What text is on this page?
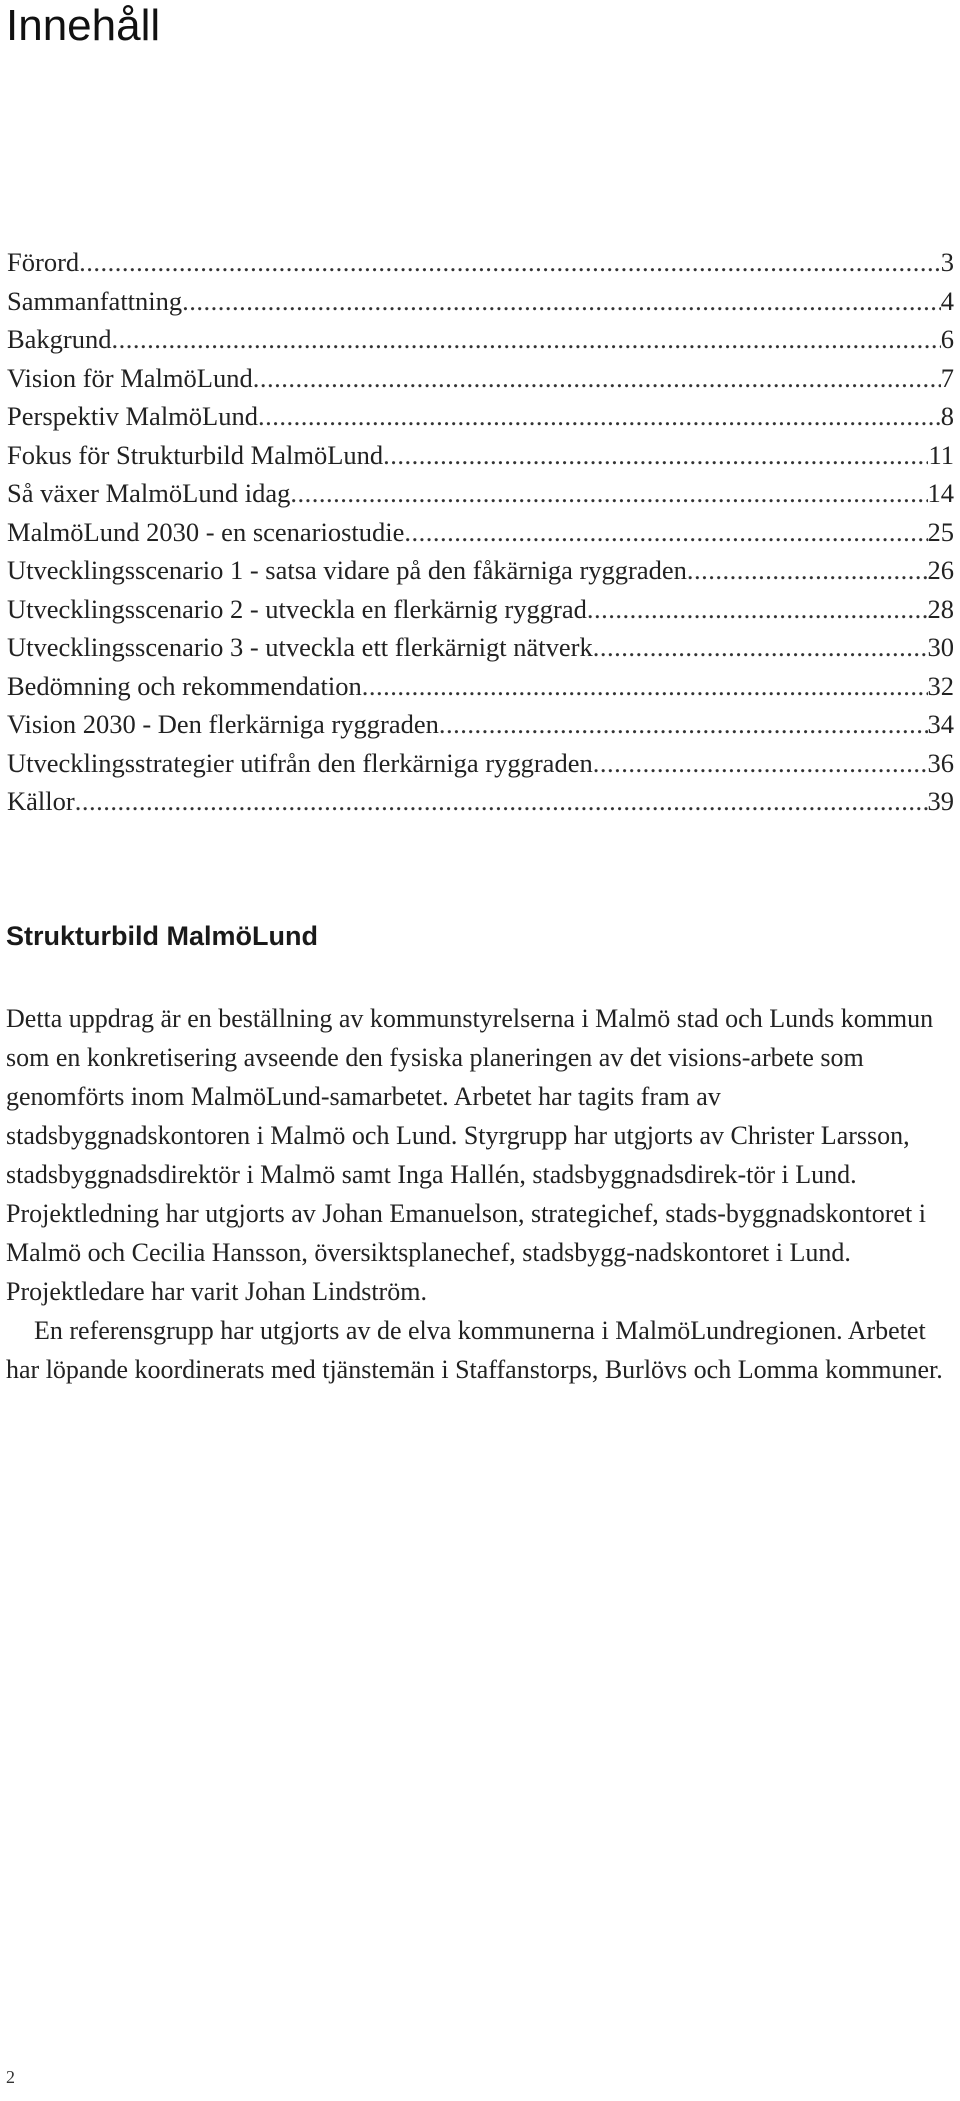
Innehåll
Förord .....	3
Sammanfattning .....	4
Bakgrund .....	6
Vision för MalmöLund .....	7
Perspektiv MalmöLund .....	8
Fokus för Strukturbild MalmöLund .....	11
Så växer MalmöLund idag .....	14
MalmöLund 2030 - en scenariostudie .....	25
Utvecklingsscenario 1 - satsa vidare på den fåkärniga ryggraden .....	26
Utvecklingsscenario 2 - utveckla en flerkärnig ryggrad .....	28
Utvecklingsscenario 3 - utveckla ett flerkärnigt nätverk .....	30
Bedömning och rekommendation .....	32
Vision 2030 - Den flerkärniga ryggraden .....	34
Utvecklingsstrategier utifrån den flerkärniga ryggraden .....	36
Källor .....	39
Strukturbild MalmöLund

Detta uppdrag är en beställning av kommunstyrelserna i Malmö stad och Lunds kommun som en konkretisering avseende den fysiska planeringen av det visions-arbete som genomförts inom MalmöLund-samarbetet. Arbetet har tagits fram av stadsbyggnadskontoren i Malmö och Lund. Styrgrupp har utgjorts av Christer Larsson, stadsbyggnadsdirektör i Malmö samt Inga Hallén, stadsbyggnadsdirek-tör i Lund. Projektledning har utgjorts av Johan Emanuelson, strategichef, stads-byggnadskontoret i Malmö och Cecilia Hansson, översiktsplanechef, stadsbygg-nadskontoret i Lund. Projektledare har varit Johan Lindström.

En referensgrupp har utgjorts av de elva kommunerna i MalmöLundregionen. Arbetet har löpande koordinerats med tjänstemän i Staffanstorps, Burlövs och Lomma kommuner.

2
